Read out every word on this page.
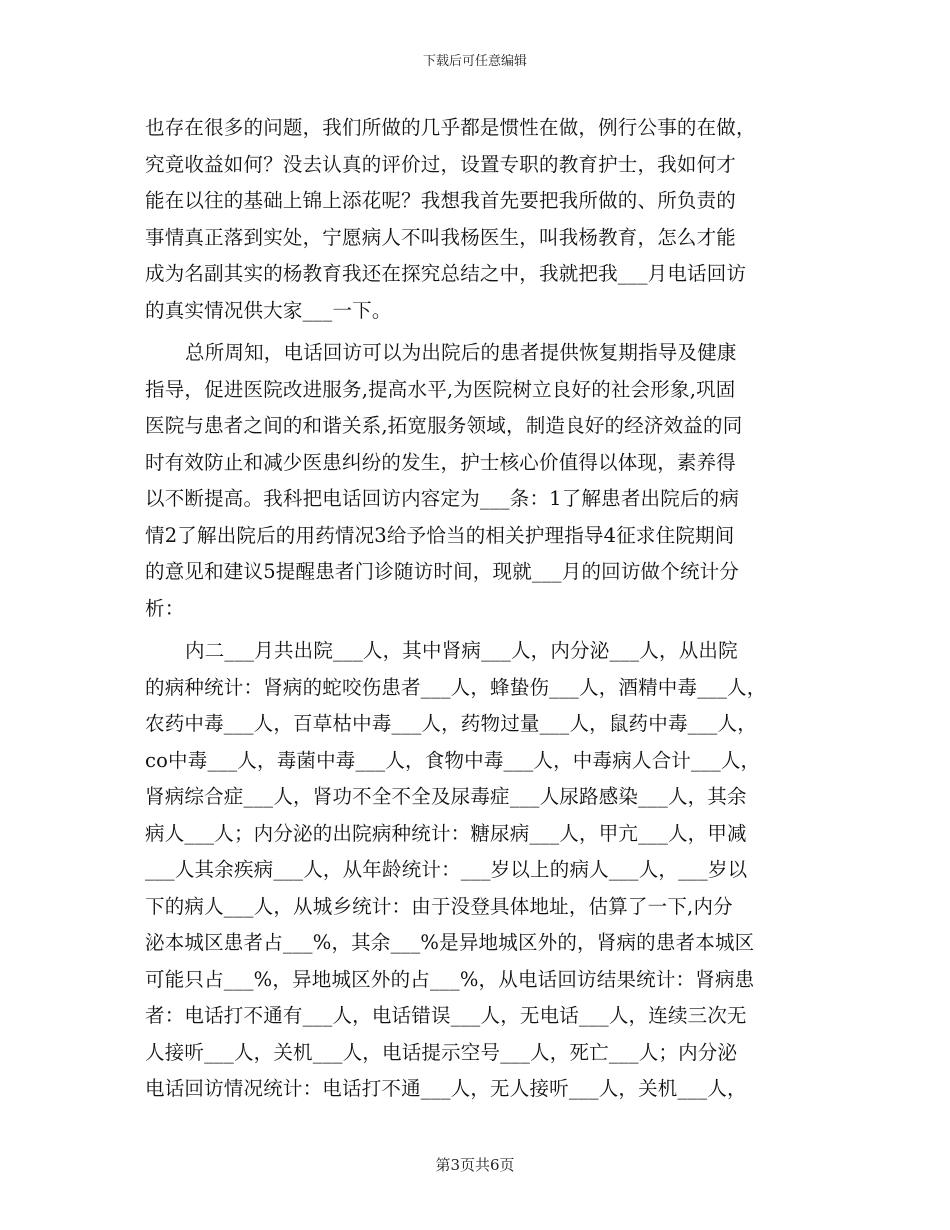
下载后可任意编辑
也存在很多的问题，我们所做的几乎都是惯性在做，例行公事的在做，
究竟收益如何？没去认真的评价过，设置专职的教育护士，我如何才
能在以往的基础上锦上添花呢？我想我首先要把我所做的、所负责的
事情真正落到实处，宁愿病人不叫我杨医生，叫我杨教育，怎么才能
成为名副其实的杨教育我还在探究总结之中，我就把我___月电话回访
的真实情况供大家___一下。
总所周知，电话回访可以为出院后的患者提供恢复期指导及健康
指导，促进医院改进服务,提高水平,为医院树立良好的社会形象,巩固
医院与患者之间的和谐关系,拓宽服务领域，制造良好的经济效益的同
时有效防止和减少医患纠纷的发生，护士核心价值得以体现，素养得
以不断提高。我科把电话回访内容定为___条：1了解患者出院后的病
情2了解出院后的用药情况3给予恰当的相关护理指导4征求住院期间
的意见和建议5提醒患者门诊随访时间，现就___月的回访做个统计分
析：
内二___月共出院___人，其中肾病___人，内分泌___人，从出院
的病种统计：肾病的蛇咬伤患者___人，蜂蛰伤___人，酒精中毒___人，
农药中毒___人，百草枯中毒___人，药物过量___人，鼠药中毒___人，
co中毒___人，毒菌中毒___人，食物中毒___人，中毒病人合计___人，
肾病综合症___人，肾功不全不全及尿毒症___人尿路感染___人，其余
病人___人；内分泌的出院病种统计：糖尿病___人，甲亢___人，甲减
___人其余疾病___人，从年龄统计：___岁以上的病人___人，___岁以
下的病人___人，从城乡统计：由于没登具体地址，估算了一下,内分
泌本城区患者占___%，其余___%是异地城区外的，肾病的患者本城区
可能只占___%，异地城区外的占___%，从电话回访结果统计：肾病患
者：电话打不通有___人，电话错误___人，无电话___人，连续三次无
人接听___人，关机___人，电话提示空号___人，死亡___人；内分泌
电话回访情况统计：电话打不通___人，无人接听___人，关机___人，
第3页共6页
